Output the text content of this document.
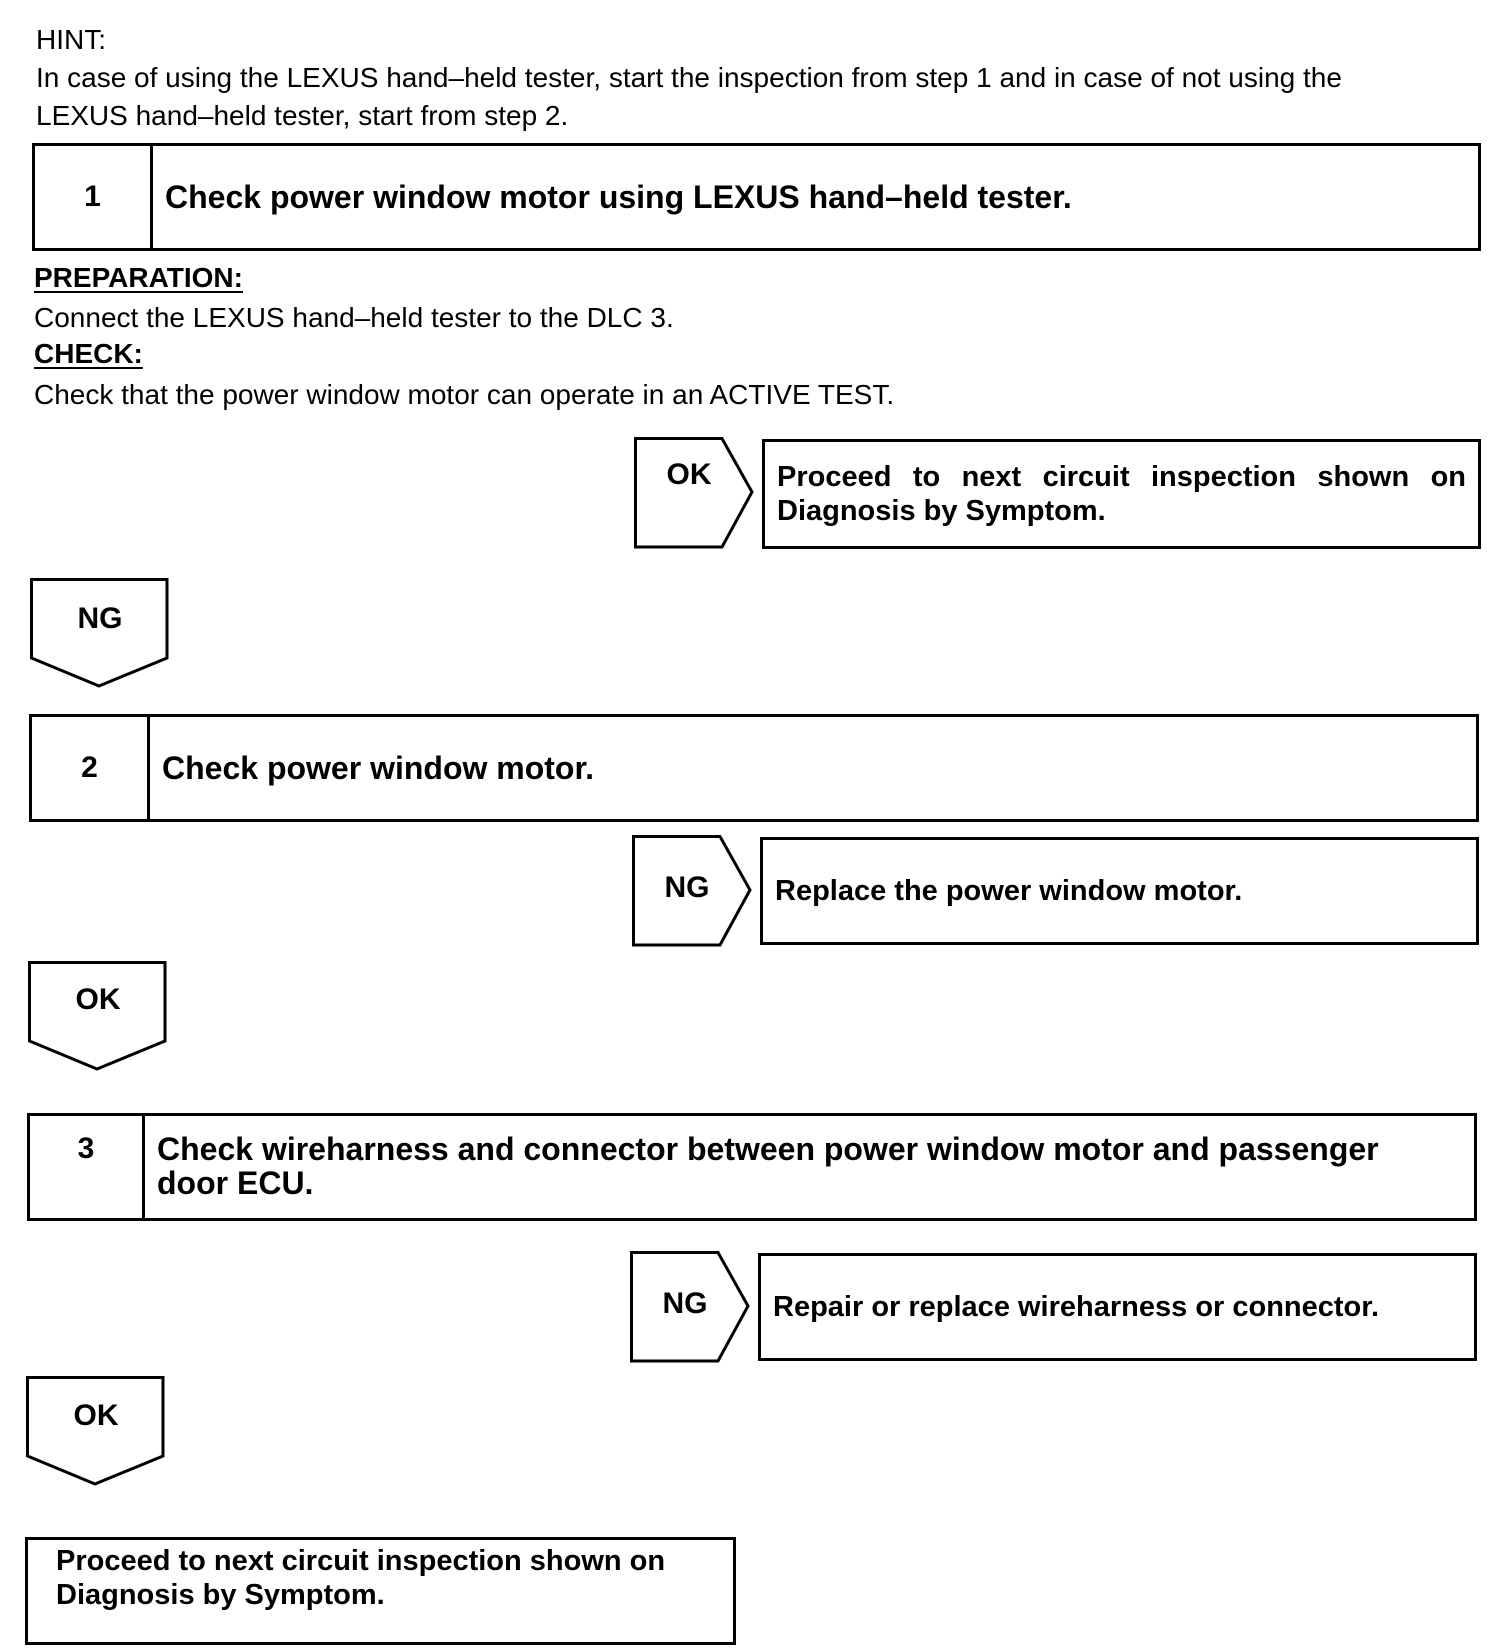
HINT:
In case of using the LEXUS hand–held tester, start the inspection from step 1 and in case of not using the
LEXUS hand–held tester, start from step 2.
1	Check power window motor using LEXUS hand–held tester.
PREPARATION:
Connect the LEXUS hand–held tester to the DLC 3.
CHECK:
Check that the power window motor can operate in an ACTIVE TEST.
OK	Proceed to next circuit inspection shown on Diagnosis by Symptom.
NG
2	Check power window motor.
NG	Replace the power window motor.
OK
3	Check wireharness and connector between power window motor and passenger door ECU.
NG	Repair or replace wireharness or connector.
OK
Proceed to next circuit inspection shown on Diagnosis by Symptom.
